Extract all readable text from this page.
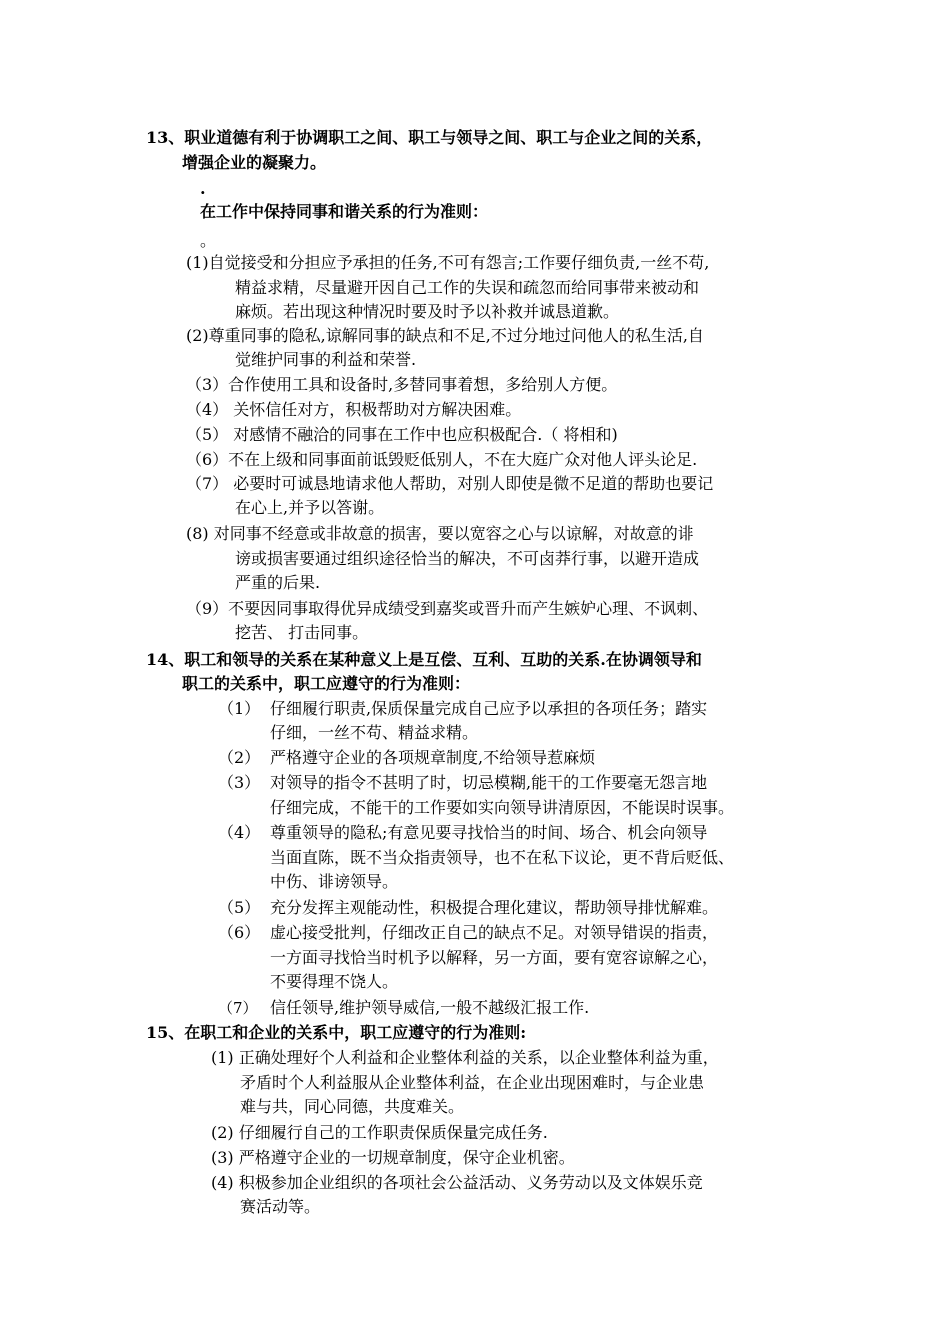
13、职业道德有利于协调职工之间、职工与领导之间、职工与企业之间的关系，
增强企业的凝聚力。
.
在工作中保持同事和谐关系的行为准则：
。
(1)自觉接受和分担应予承担的任务,不可有怨言;工作要仔细负责,一丝不苟,
精益求精，尽量避开因自己工作的失误和疏忽而给同事带来被动和
麻烦。若出现这种情况时要及时予以补救并诚恳道歉。
(2)尊重同事的隐私,谅解同事的缺点和不足,不过分地过问他人的私生活,自
觉维护同事的利益和荣誉.
（3）合作使用工具和设备时,多替同事着想，多给别人方便。
（4） 关怀信任对方，积极帮助对方解决困难。
（5） 对感情不融洽的同事在工作中也应积极配合.（ 将相和)
（6）不在上级和同事面前诋毁贬低别人，不在大庭广众对他人评头论足.
（7） 必要时可诚恳地请求他人帮助，对别人即使是微不足道的帮助也要记
在心上,并予以答谢。
(8) 对同事不经意或非故意的损害，要以宽容之心与以谅解，对故意的诽
谤或损害要通过组织途径恰当的解决，不可卤莽行事，以避开造成
严重的后果.
（9）不要因同事取得优异成绩受到嘉奖或晋升而产生嫉妒心理、不讽刺、
挖苦、 打击同事。
14、职工和领导的关系在某种意义上是互偿、互利、互助的关系.在协调领导和
职工的关系中，职工应遵守的行为准则：
（1） 仔细履行职责,保质保量完成自己应予以承担的各项任务；踏实
仔细，一丝不苟、精益求精。
（2） 严格遵守企业的各项规章制度,不给领导惹麻烦
（3） 对领导的指令不甚明了时，切忌模糊,能干的工作要毫无怨言地
仔细完成，不能干的工作要如实向领导讲清原因，不能误时误事。
（4） 尊重领导的隐私;有意见要寻找恰当的时间、场合、机会向领导
当面直陈，既不当众指责领导，也不在私下议论，更不背后贬低、
中伤、诽谤领导。
（5） 充分发挥主观能动性，积极提合理化建议，帮助领导排忧解难。
（6） 虚心接受批判，仔细改正自己的缺点不足。对领导错误的指责，
一方面寻找恰当时机予以解释，另一方面，要有宽容谅解之心，
不要得理不饶人。
（7） 信任领导,维护领导威信,一般不越级汇报工作.
15、在职工和企业的关系中，职工应遵守的行为准则:
(1) 正确处理好个人利益和企业整体利益的关系，以企业整体利益为重，
矛盾时个人利益服从企业整体利益，在企业出现困难时，与企业患
难与共，同心同德，共度难关。
(2) 仔细履行自己的工作职责保质保量完成任务.
(3) 严格遵守企业的一切规章制度，保守企业机密。
(4) 积极参加企业组织的各项社会公益活动、义务劳动以及文体娱乐竞
赛活动等。
